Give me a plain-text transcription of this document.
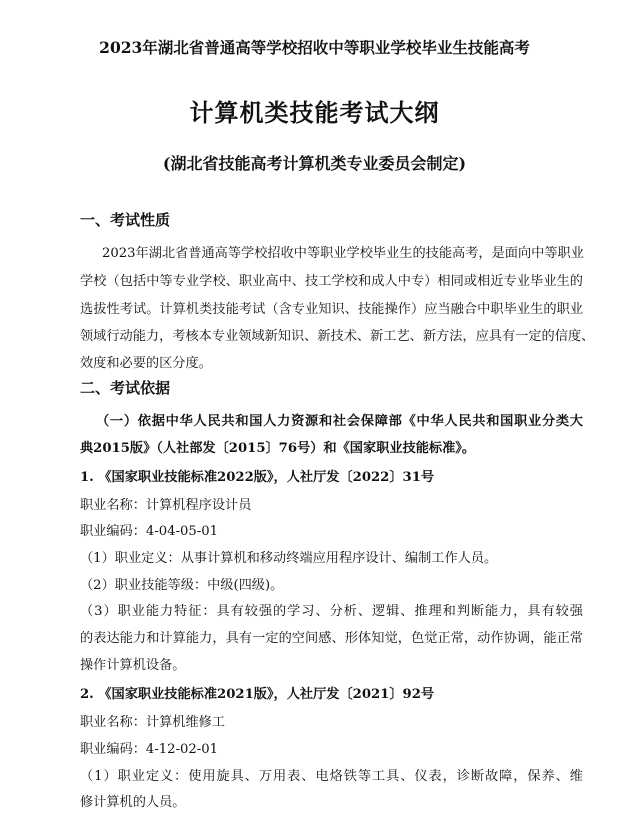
2023年湖北省普通高等学校招收中等职业学校毕业生技能高考

计算机类技能考试大纲

(湖北省技能高考计算机类专业委员会制定)

一、考试性质

2023年湖北省普通高等学校招收中等职业学校毕业生的技能高考，是面向中等职业

学校（包括中等专业学校、职业高中、技工学校和成人中专）相同或相近专业毕业生的

选拔性考试。计算机类技能考试（含专业知识、技能操作）应当融合中职毕业生的职业

领域行动能力，考核本专业领域新知识、新技术、新工艺、新方法，应具有一定的信度、

效度和必要的区分度。

二、考试依据

（一）依据中华人民共和国人力资源和社会保障部《中华人民共和国职业分类大

典2015版》（人社部发〔2015〕76号）和《国家职业技能标准》。

1. 《国家职业技能标准2022版》，人社厅发〔2022〕31号

职业名称：计算机程序设计员

职业编码：4-04-05-01

（1）职业定义：从事计算机和移动终端应用程序设计、编制工作人员。

（2）职业技能等级：中级(四级)。

（3）职业能力特征：具有较强的学习、分析、逻辑、推理和判断能力，具有较强

的表达能力和计算能力，具有一定的空间感、形体知觉，色觉正常，动作协调，能正常

操作计算机设备。

2. 《国家职业技能标准2021版》，人社厅发〔2021〕92号

职业名称：计算机维修工

职业编码：4-12-02-01

（1）职业定义：使用旋具、万用表、电烙铁等工具、仪表，诊断故障，保养、维

修计算机的人员。
